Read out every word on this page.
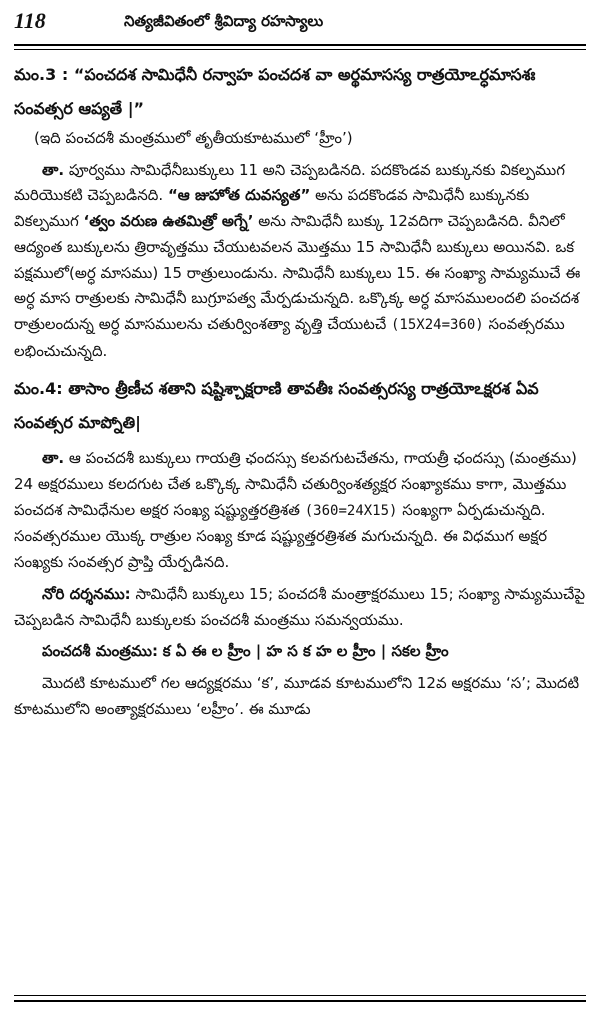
118	నిత్యజీవితంలో శ్రీవిద్యా రహస్యాలు

మం.3 : “పంచదశ సామిధేనీ రన్వాహ పంచదశ వా అర్థమాసస్య రాత్రయోఽర్ధమాసశః సంవత్సర ఆప్యతే |”

(ఇది పంచదశీ మంత్రములో తృతీయకూటములో ‘హ్రీం’)

తా. పూర్వము సామిధేనీబుక్కులు 11 అని చెప్పబడినది. పదకొండవ బుక్కునకు వికల్పముగ మరియొకటి చెప్పబడినది. “ఆ జుహోత దువస్యత” అను పదకొండవ సామిధేనీ బుక్కునకు వికల్పముగ ‘త్వం వరుణ ఉతమిత్రో అగ్నే’ అను సామిధేనీ బుక్కు 12వదిగా చెప్పబడినది. వీనిలో ఆద్యంత బుక్కులను త్రిరావృత్తము చేయుటవలన మొత్తము 15 సామిధేనీ బుక్కులు అయినవి. ఒక పక్షములో(అర్ధ మాసము) 15 రాత్రులుండును. సామిధేనీ బుక్కులు 15. ఈ సంఖ్యా సామ్యముచే ఈ అర్ధ మాస రాత్రులకు సామిధేనీ బుగ్రూపత్వ మేర్పడుచున్నది. ఒక్కొక్క అర్ధ మాసములందలి పంచదశ రాత్రులందున్న అర్ధ మాసములను చతుర్వింశత్యా వృత్తి చేయుటచే (15X24=360) సంవత్సరము లభించుచున్నది.

మం.4: తాసాం త్రీణీచ శతాని షష్టిశ్చాక్షరాణి తావతీః సంవత్సరస్య రాత్రయోఽక్షరశ ఏవ సంవత్సర మాప్నోతి|

తా. ఆ పంచదశీ బుక్కులు గాయత్రి ఛందస్సు కలవగుటచేతను, గాయత్రీ ఛందస్సు (మంత్రము) 24 అక్షరములు కలదగుట చేత ఒక్కొక్క సామిధేనీ చతుర్వింశత్యక్షర సంఖ్యాకము కాగా, మొత్తము పంచదశ సామిధేనుల అక్షర సంఖ్య షష్ట్యుత్తరత్రిశత (360=24X15) సంఖ్యగా ఏర్పడుచున్నది. సంవత్సరముల యొక్క రాత్రుల సంఖ్య కూడ షష్ట్యుత్తరత్రిశత మగుచున్నది. ఈ విధముగ అక్షర సంఖ్యకు సంవత్సర ప్రాప్తి యేర్పడినది.

నోరి దర్శనము: సామిధేనీ బుక్కులు 15; పంచదశీ మంత్రాక్షరములు 15; సంఖ్యా సామ్యముచేపై చెప్పబడిన సామిధేనీ బుక్కులకు పంచదశీ మంత్రము సమన్వయము.

పంచదశీ మంత్రము: క ఏ ఈ ల హ్రీం | హ స క హ ల హ్రీం | సకల హ్రీం

మొదటి కూటములో గల ఆద్యక్షరము ‘క’, మూడవ కూటములోని 12వ అక్షరము ‘స’; మొదటి కూటములోని అంత్యాక్షరములు ‘లహ్రీం’. ఈ మూడు
